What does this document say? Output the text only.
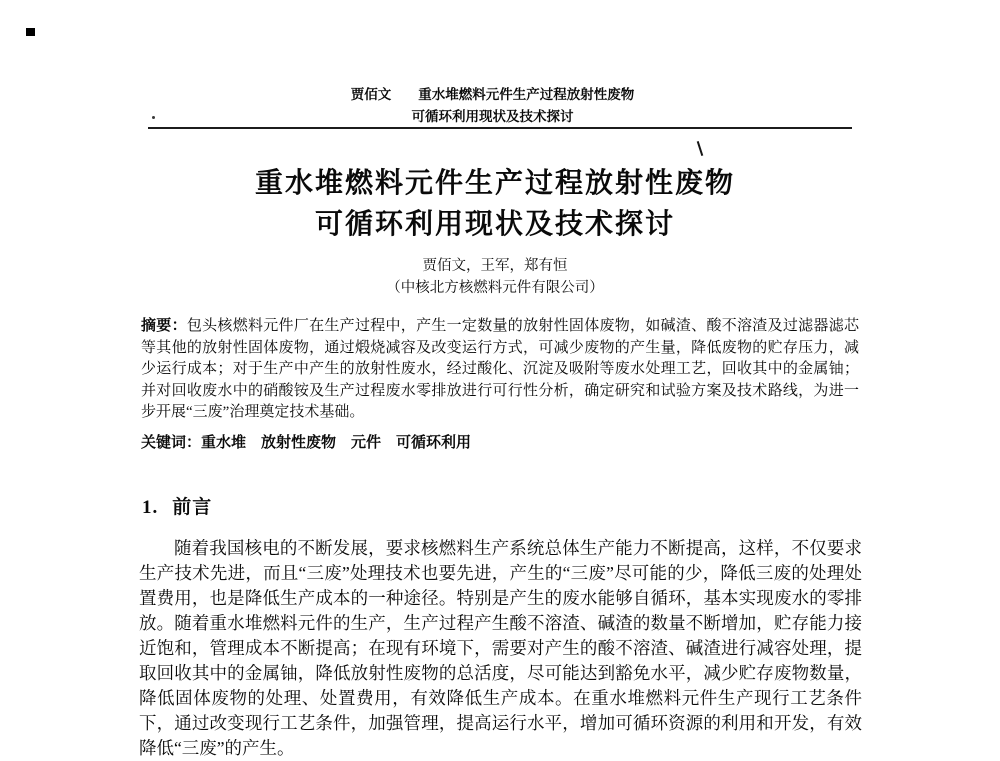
贾佰文　　重水堆燃料元件生产过程放射性废物
可循环利用现状及技术探讨
重水堆燃料元件生产过程放射性废物
可循环利用现状及技术探讨
贾佰文，王军，郑有恒
（中核北方核燃料元件有限公司）

摘要：包头核燃料元件厂在生产过程中，产生一定数量的放射性固体废物，如碱渣、酸不溶渣及过滤器滤芯等其他的放射性固体废物，通过煅烧减容及改变运行方式，可减少废物的产生量，降低废物的贮存压力，减少运行成本；对于生产中产生的放射性废水，经过酸化、沉淀及吸附等废水处理工艺，回收其中的金属铀；并对回收废水中的硝酸铵及生产过程废水零排放进行可行性分析，确定研究和试验方案及技术路线，为进一步开展“三废”治理奠定技术基础。

关键词：重水堆　放射性废物　元件　可循环利用

1. 前言

随着我国核电的不断发展，要求核燃料生产系统总体生产能力不断提高，这样，不仅要求生产技术先进，而且“三废”处理技术也要先进，产生的“三废”尽可能的少，降低三废的处理处置费用，也是降低生产成本的一种途径。特别是产生的废水能够自循环，基本实现废水的零排放。随着重水堆燃料元件的生产，生产过程产生酸不溶渣、碱渣的数量不断增加，贮存能力接近饱和，管理成本不断提高；在现有环境下，需要对产生的酸不溶渣、碱渣进行减容处理，提取回收其中的金属铀，降低放射性废物的总活度，尽可能达到豁免水平，减少贮存废物数量，降低固体废物的处理、处置费用，有效降低生产成本。在重水堆燃料元件生产现行工艺条件下，通过改变现行工艺条件，加强管理，提高运行水平，增加可循环资源的利用和开发，有效降低“三废”的产生。
